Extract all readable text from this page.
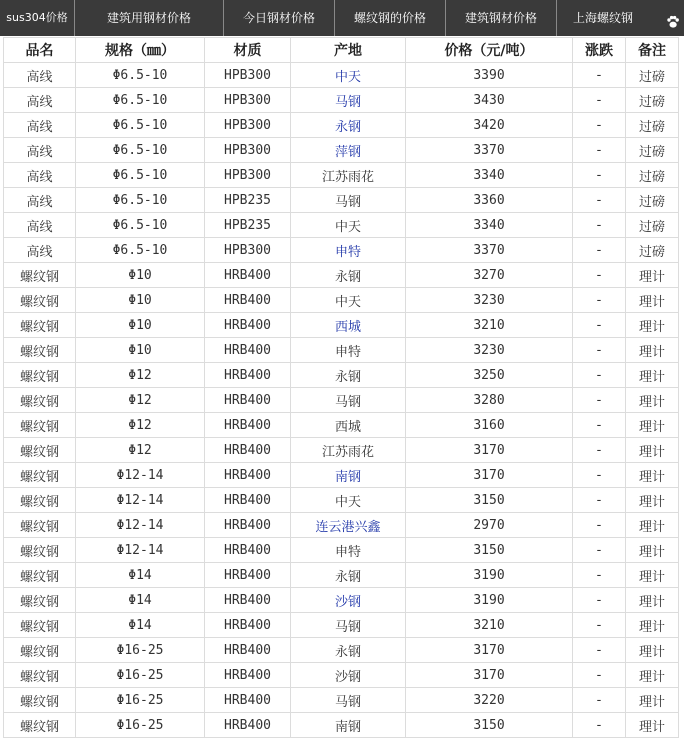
sus304价格	建筑用钢材价格	今日钢材价格	螺纹钢的价格	建筑钢材价格	上海螺纹钢
品名	规格（㎜）	材质	产地	价格（元/吨）	涨跌	备注
高线	Φ6.5-10	HPB300	中天	3390	-	过磅
高线	Φ6.5-10	HPB300	马钢	3430	-	过磅
高线	Φ6.5-10	HPB300	永钢	3420	-	过磅
高线	Φ6.5-10	HPB300	萍钢	3370	-	过磅
高线	Φ6.5-10	HPB300	江苏雨花	3340	-	过磅
高线	Φ6.5-10	HPB235	马钢	3360	-	过磅
高线	Φ6.5-10	HPB235	中天	3340	-	过磅
高线	Φ6.5-10	HPB300	申特	3370	-	过磅
螺纹钢	Φ10	HRB400	永钢	3270	-	理计
螺纹钢	Φ10	HRB400	中天	3230	-	理计
螺纹钢	Φ10	HRB400	西城	3210	-	理计
螺纹钢	Φ10	HRB400	申特	3230	-	理计
螺纹钢	Φ12	HRB400	永钢	3250	-	理计
螺纹钢	Φ12	HRB400	马钢	3280	-	理计
螺纹钢	Φ12	HRB400	西城	3160	-	理计
螺纹钢	Φ12	HRB400	江苏雨花	3170	-	理计
螺纹钢	Φ12-14	HRB400	南钢	3170	-	理计
螺纹钢	Φ12-14	HRB400	中天	3150	-	理计
螺纹钢	Φ12-14	HRB400	连云港兴鑫	2970	-	理计
螺纹钢	Φ12-14	HRB400	申特	3150	-	理计
螺纹钢	Φ14	HRB400	永钢	3190	-	理计
螺纹钢	Φ14	HRB400	沙钢	3190	-	理计
螺纹钢	Φ14	HRB400	马钢	3210	-	理计
螺纹钢	Φ16-25	HRB400	永钢	3170	-	理计
螺纹钢	Φ16-25	HRB400	沙钢	3170	-	理计
螺纹钢	Φ16-25	HRB400	马钢	3220	-	理计
螺纹钢	Φ16-25	HRB400	南钢	3150	-	理计
